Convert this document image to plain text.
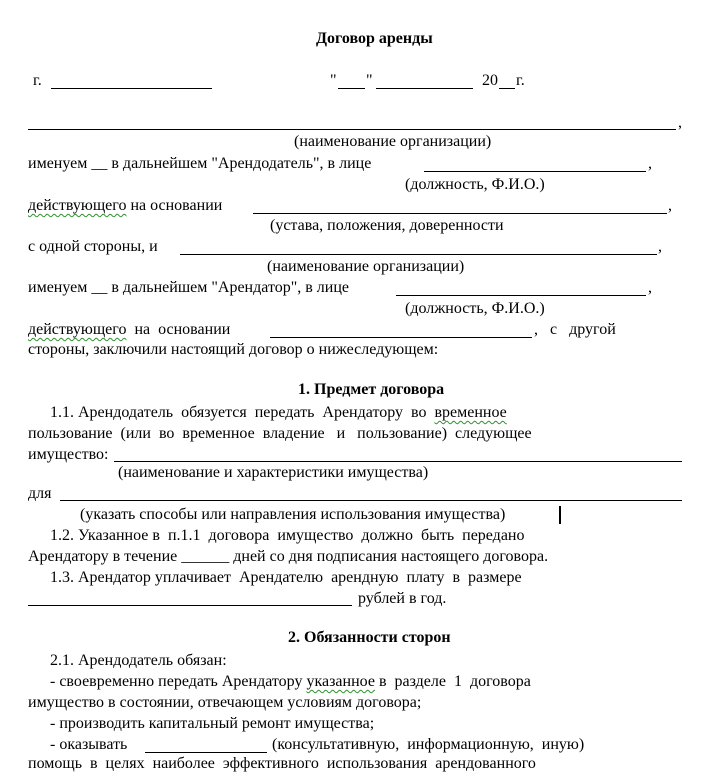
Договор аренды
г.	" "	20 г.
,
(наименование организации)
именуем __ в дальнейшем "Арендодатель", в лице	,
(должность, Ф.И.О.)
действующего на основании	,
(устава, положения, доверенности
с одной стороны, и	,
(наименование организации)
именуем __ в дальнейшем "Арендатор", в лице	,
(должность, Ф.И.О.)
действующего на  основании	,   с   другой
стороны, заключили настоящий договор о нижеследующем:
1. Предмет договора
1.1. Арендодатель  обязуется  передать  Арендатору  во  временное
пользование  (или  во  временное  владение   и   пользование)  следующее
имущество:
(наименование и характеристики имущества)
для
(указать способы или направления использования имущества)
1.2. Указанное в  п.1.1  договора  имущество  должно  быть  передано
Арендатору в течение ______ дней со дня подписания настоящего договора.
1.3. Арендатор уплачивает  Арендателю  арендную  плату  в  размере
рублей в год.
2. Обязанности сторон
2.1. Арендодатель обязан:
- своевременно передать Арендатору указанное в  разделе  1  договора
имущество в состоянии, отвечающем условиям договора;
- производить капитальный ремонт имущества;
- оказывать	(консультативную,  информационную,  иную)
помощь  в  целях  наиболее  эффективного  использования  арендованного
